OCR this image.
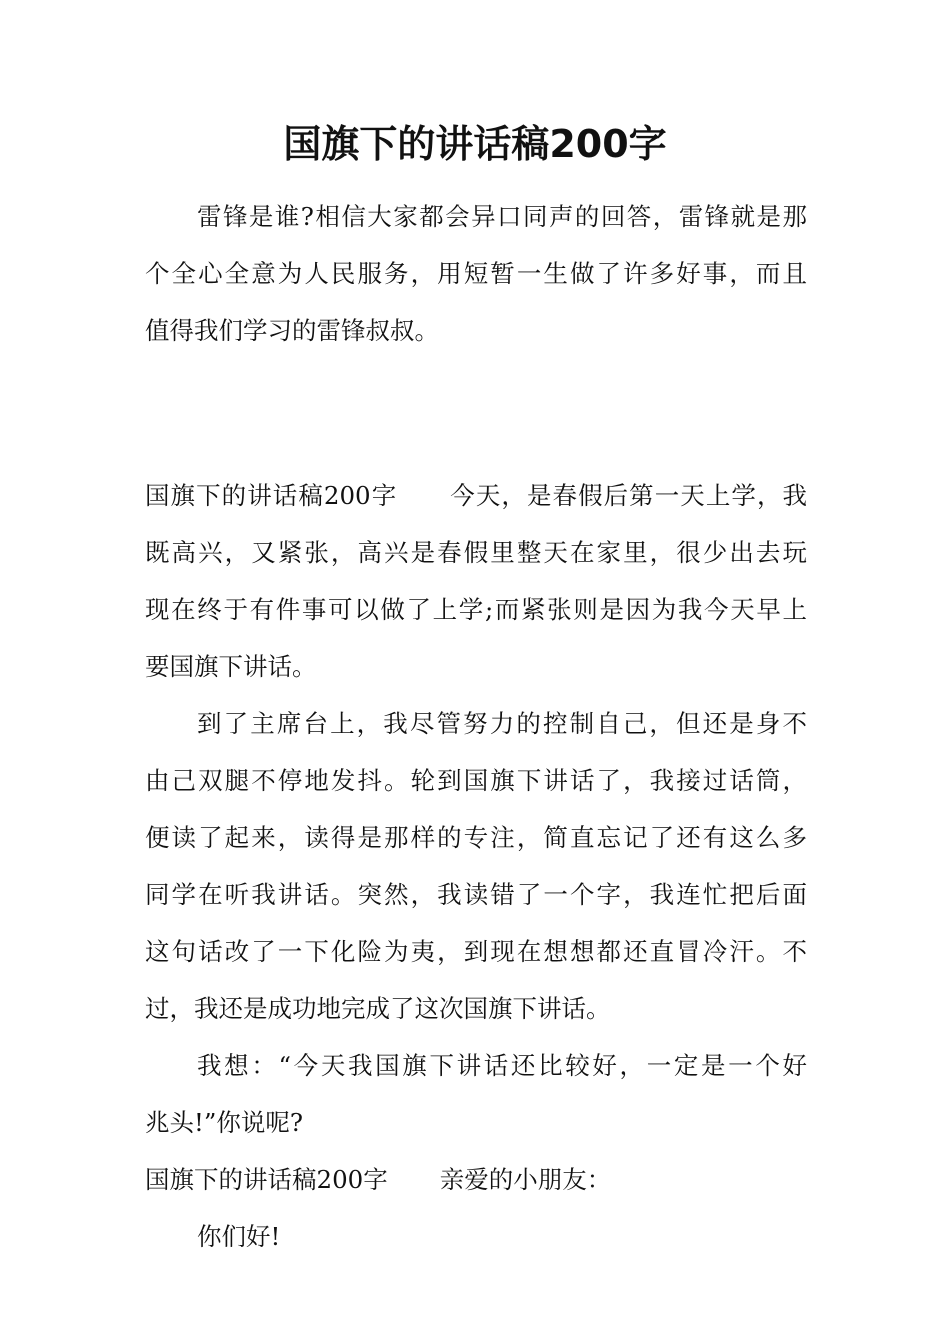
国旗下的讲话稿200字
雷锋是谁?相信大家都会异口同声的回答，雷锋就是那
个全心全意为人民服务，用短暂一生做了许多好事，而且
值得我们学习的雷锋叔叔。
国旗下的讲话稿200字 今天，是春假后第一天上学，我
既高兴，又紧张，高兴是春假里整天在家里，很少出去玩
现在终于有件事可以做了上学;而紧张则是因为我今天早上
要国旗下讲话。
到了主席台上，我尽管努力的控制自己，但还是身不
由己双腿不停地发抖。轮到国旗下讲话了，我接过话筒，
便读了起来，读得是那样的专注，简直忘记了还有这么多
同学在听我讲话。突然，我读错了一个字，我连忙把后面
这句话改了一下化险为夷，到现在想想都还直冒冷汗。不
过，我还是成功地完成了这次国旗下讲话。
我想：“今天我国旗下讲话还比较好，一定是一个好
兆头!”你说呢?
国旗下的讲话稿200字 亲爱的小朋友：
你们好!
